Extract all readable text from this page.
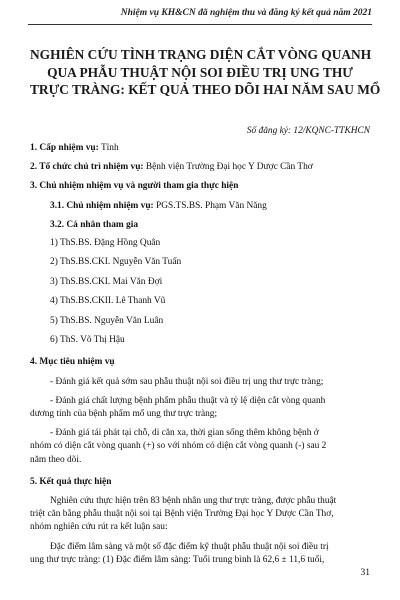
Nhiệm vụ KH&CN đã nghiệm thu và đăng ký kết quả năm 2021
NGHIÊN CỨU TÌNH TRẠNG DIỆN CẮT VÒNG QUANH
QUA PHẪU THUẬT NỘI SOI ĐIỀU TRỊ UNG THƯ
TRỰC TRÀNG: KẾT QUẢ THEO DÕI HAI NĂM SAU MỔ
Số đăng ký: 12/KQNC-TTKHCN
1. Cấp nhiệm vụ: Tỉnh
2. Tổ chức chủ trì nhiệm vụ: Bệnh viện Trường Đại học Y Dược Cần Thơ
3. Chủ nhiệm nhiệm vụ và người tham gia thực hiện
3.1. Chủ nhiệm nhiệm vụ: PGS.TS.BS. Phạm Văn Năng
3.2. Cá nhân tham gia
1) ThS.BS. Đặng Hồng Quân
2) ThS.BS.CKI. Nguyễn Văn Tuấn
3) ThS.BS.CKI. Mai Văn Đợi
4) ThS.BS.CKII. Lê Thanh Vũ
5) ThS.BS. Nguyễn Văn Luân
6) ThS. Võ Thị Hậu
4. Mục tiêu nhiệm vụ
- Đánh giá kết quả sớm sau phẫu thuật nội soi điều trị ung thư trực tràng;
- Đánh giá chất lượng bệnh phẩm phẫu thuật và tỷ lệ diện cắt vòng quanh
dương tính của bệnh phẩm mổ ung thư trực tràng;
- Đánh giá tái phát tại chỗ, di căn xa, thời gian sống thêm không bệnh ở
nhóm có diện cắt vòng quanh (+) so với nhóm có diện cắt vòng quanh (-) sau 2
năm theo dõi.
5. Kết quả thực hiện
Nghiên cứu thực hiện trên 83 bệnh nhân ung thư trực tràng, được phẫu thuật
triệt căn bằng phẫu thuật nội soi tại Bệnh viện Trường Đại học Y Dược Cần Thơ,
nhóm nghiên cứu rút ra kết luận sau:
Đặc điểm lâm sàng và một số đặc điểm kỹ thuật phẫu thuật nội soi điều trị
ung thư trực tràng: (1) Đặc điểm lâm sàng: Tuổi trung bình là 62,6 ± 11,6 tuổi,
31
